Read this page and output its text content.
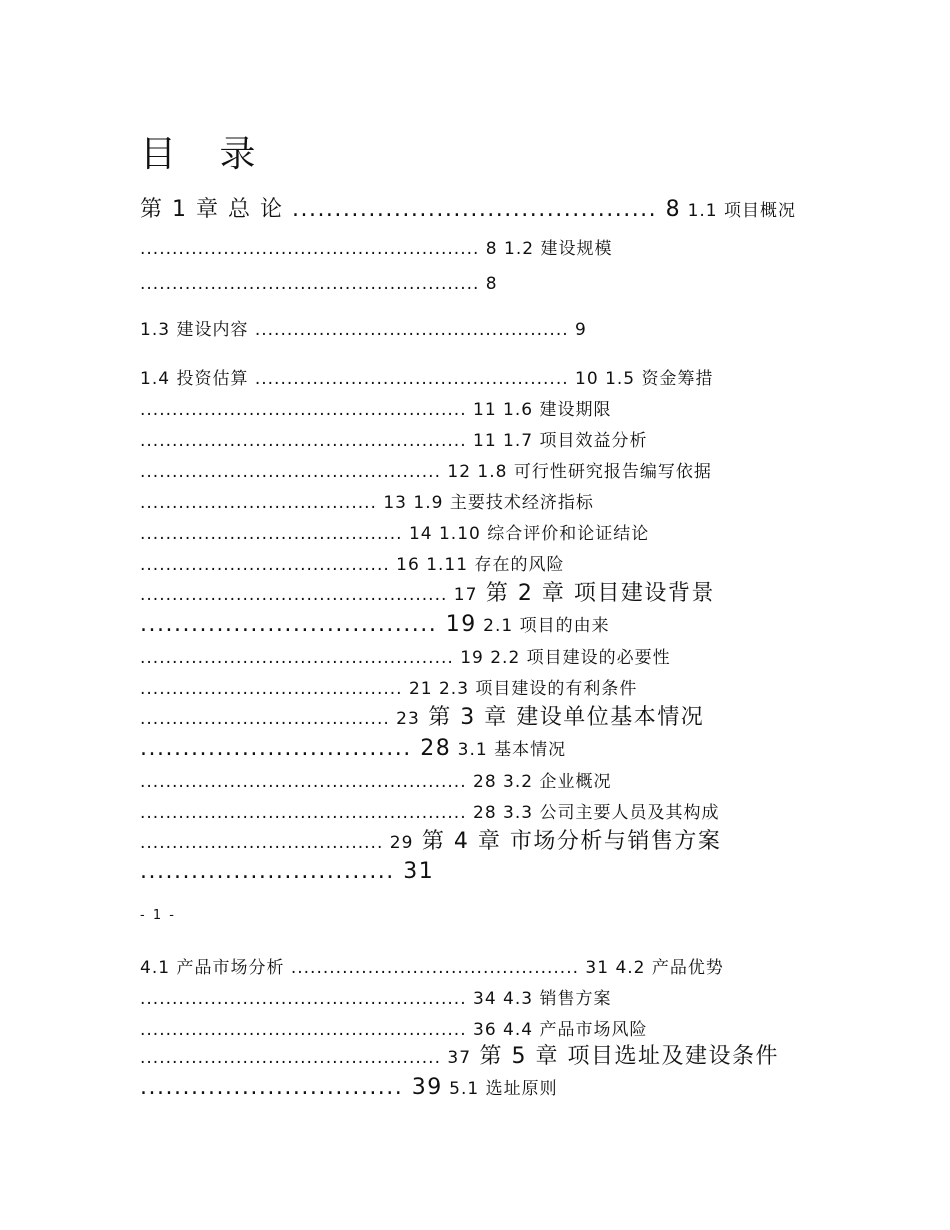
目 录
第 1 章 总 论 ........................................... 8 1.1 项目概况
..................................................... 8 1.2 建设规模
..................................................... 8
1.3 建设内容 ................................................. 9
1.4 投资估算 ................................................. 10 1.5 资金筹措
................................................... 11 1.6 建设期限
................................................... 11 1.7 项目效益分析
............................................... 12 1.8 可行性研究报告编写依据
..................................... 13 1.9 主要技术经济指标
......................................... 14 1.10 综合评价和论证结论
....................................... 16 1.11 存在的风险
................................................ 17 第 2 章 项目建设背景
................................... 19 2.1 项目的由来
................................................. 19 2.2 项目建设的必要性
......................................... 21 2.3 项目建设的有利条件
....................................... 23 第 3 章 建设单位基本情况
................................ 28 3.1 基本情况
................................................... 28 3.2 企业概况
................................................... 28 3.3 公司主要人员及其构成
...................................... 29 第 4 章 市场分析与销售方案
.............................. 31
- 1 -
4.1 产品市场分析 ............................................. 31 4.2 产品优势
................................................... 34 4.3 销售方案
................................................... 36 4.4 产品市场风险
............................................... 37 第 5 章 项目选址及建设条件
............................... 39 5.1 选址原则
